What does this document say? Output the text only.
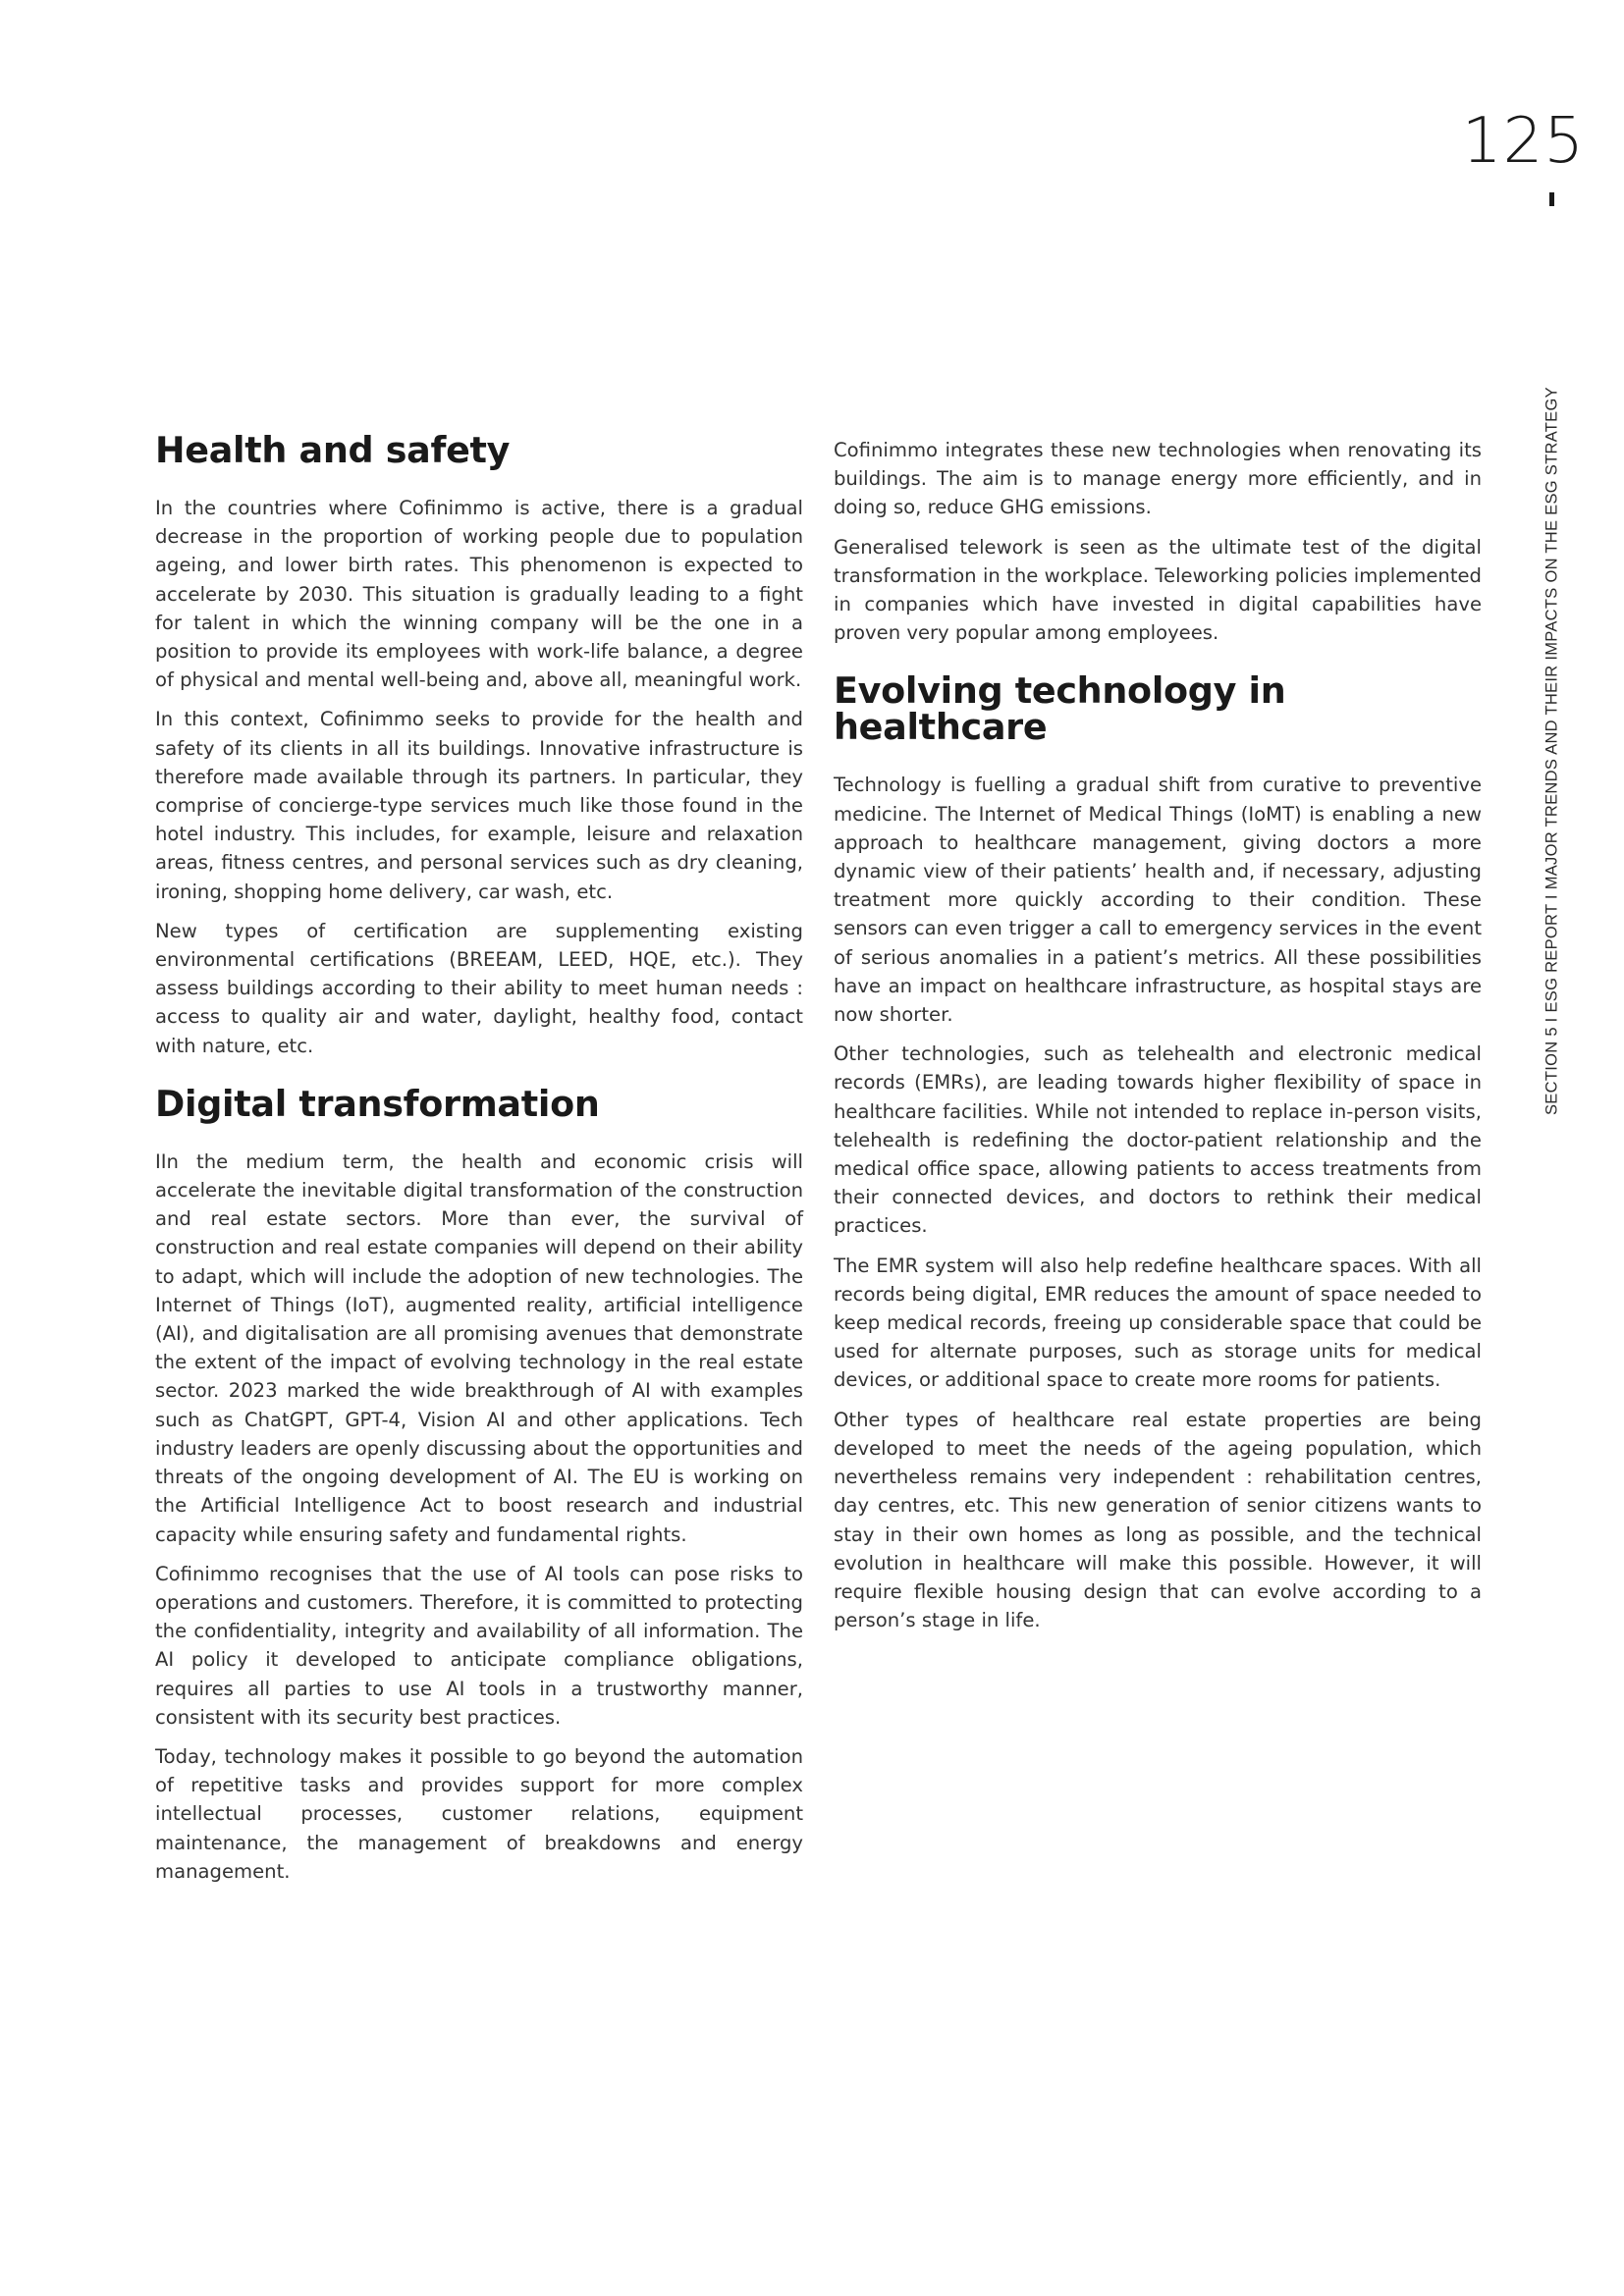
125
SECTION 5 I ESG REPORT I MAJOR TRENDS AND THEIR IMPACTS ON THE ESG STRATEGY
Health and safety

In the countries where Cofinimmo is active, there is a gradual decrease in the proportion of working people due to population ageing, and lower birth rates. This phenomenon is expected to accelerate by 2030. This situation is gradually leading to a fight for talent in which the winning company will be the one in a position to provide its employees with work-life balance, a degree of physical and mental well-being and, above all, meaningful work.

In this context, Cofinimmo seeks to provide for the health and safety of its clients in all its buildings. Innovative infrastructure is therefore made available through its partners. In particular, they comprise of concierge-type services much like those found in the hotel industry. This includes, for example, leisure and relaxation areas, fitness centres, and personal services such as dry cleaning, ironing, shopping home delivery, car wash, etc.

New types of certification are supplementing existing environmental certifications (BREEAM, LEED, HQE, etc.). They assess buildings according to their ability to meet human needs : access to quality air and water, daylight, healthy food, contact with nature, etc.

Digital transformation

IIn the medium term, the health and economic crisis will accelerate the inevitable digital transformation of the construction and real estate sectors. More than ever, the survival of construction and real estate companies will depend on their ability to adapt, which will include the adoption of new technologies. The Internet of Things (IoT), augmented reality, artificial intelligence (AI), and digitalisation are all promising avenues that demonstrate the extent of the impact of evolving technology in the real estate sector. 2023 marked the wide breakthrough of AI with examples such as ChatGPT, GPT-4, Vision AI and other applications. Tech industry leaders are openly discussing about the opportunities and threats of the ongoing development of AI. The EU is working on the Artificial Intelligence Act to boost research and industrial capacity while ensuring safety and fundamental rights.

Cofinimmo recognises that the use of AI tools can pose risks to operations and customers. Therefore, it is committed to protecting the confidentiality, integrity and availability of all information. The AI policy it developed to anticipate compliance obligations, requires all parties to use AI tools in a trustworthy manner, consistent with its security best practices.

Today, technology makes it possible to go beyond the automation of repetitive tasks and provides support for more complex intellectual processes, customer relations, equipment maintenance, the management of breakdowns and energy management.

Cofinimmo integrates these new technologies when renovating its buildings. The aim is to manage energy more efficiently, and in doing so, reduce GHG emissions.

Generalised telework is seen as the ultimate test of the digital transformation in the workplace. Teleworking policies implemented in companies which have invested in digital capabilities have proven very popular among employees.

Evolving technology in healthcare

Technology is fuelling a gradual shift from curative to preventive medicine. The Internet of Medical Things (IoMT) is enabling a new approach to healthcare management, giving doctors a more dynamic view of their patients’ health and, if necessary, adjusting treatment more quickly according to their condition. These sensors can even trigger a call to emergency services in the event of serious anomalies in a patient’s metrics. All these possibilities have an impact on healthcare infrastructure, as hospital stays are now shorter.

Other technologies, such as telehealth and electronic medical records (EMRs), are leading towards higher flexibility of space in healthcare facilities. While not intended to replace in-person visits, telehealth is redefining the doctor-patient relationship and the medical office space, allowing patients to access treatments from their connected devices, and doctors to rethink their medical practices.

The EMR system will also help redefine healthcare spaces. With all records being digital, EMR reduces the amount of space needed to keep medical records, freeing up considerable space that could be used for alternate purposes, such as storage units for medical devices, or additional space to create more rooms for patients.

Other types of healthcare real estate properties are being developed to meet the needs of the ageing population, which nevertheless remains very independent : rehabilitation centres, day centres, etc. This new generation of senior citizens wants to stay in their own homes as long as possible, and the technical evolution in healthcare will make this possible. However, it will require flexible housing design that can evolve according to a person’s stage in life.
